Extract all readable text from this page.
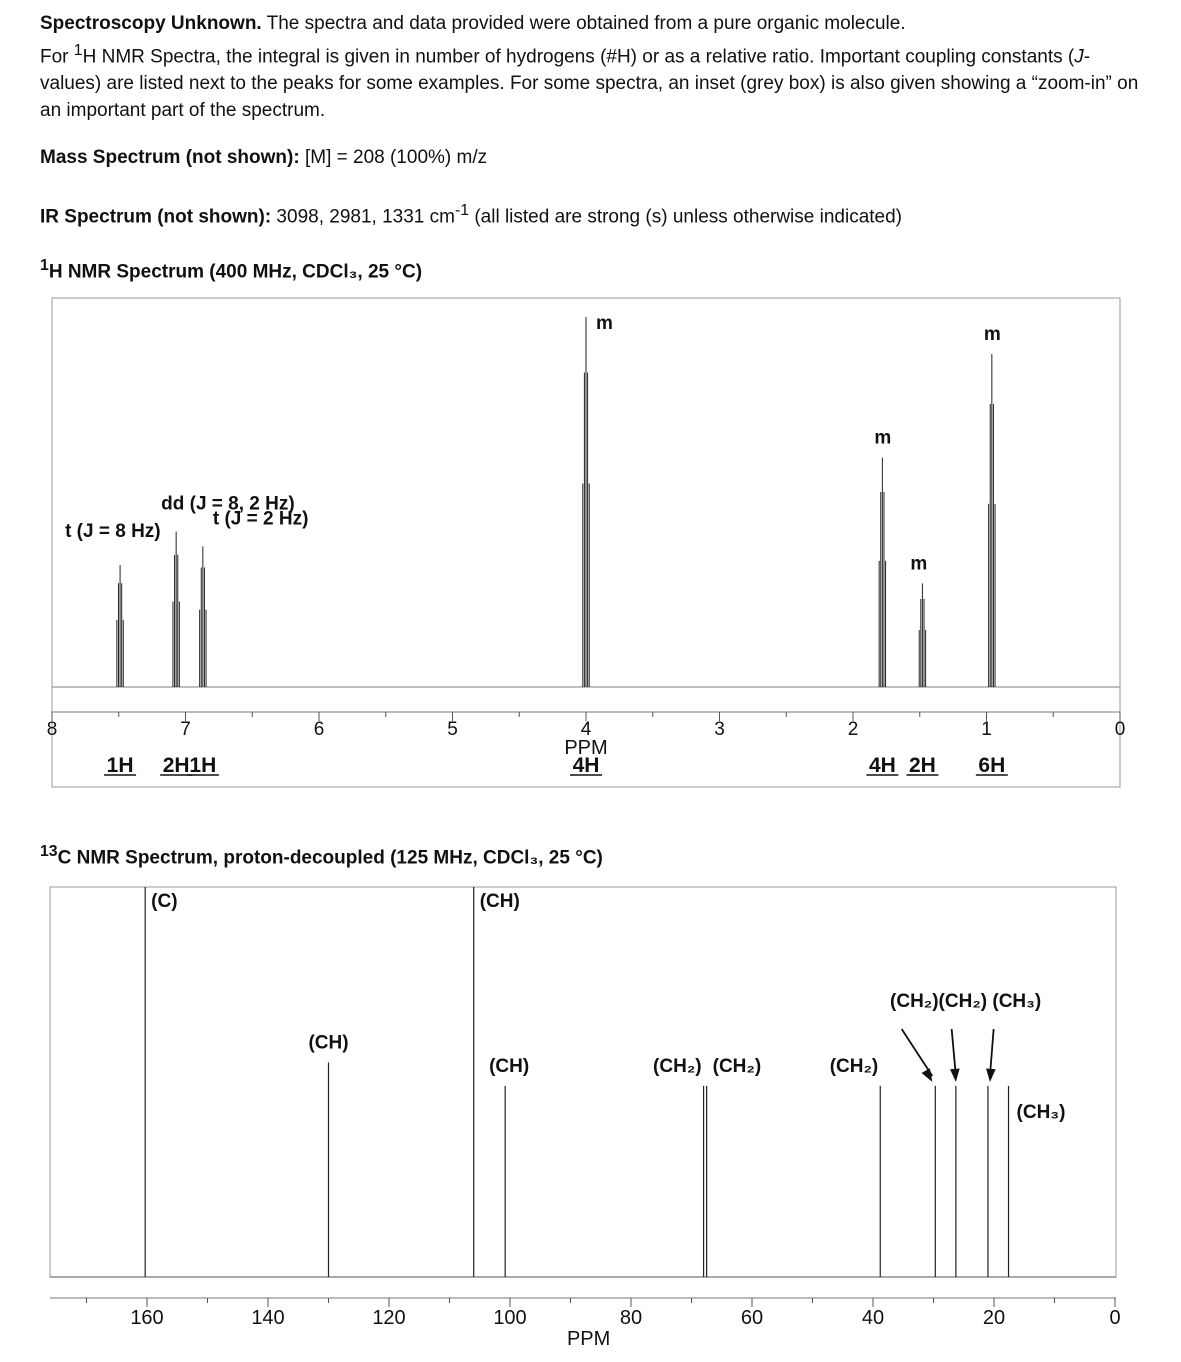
Spectroscopy Unknown. The spectra and data provided were obtained from a pure organic molecule.

For $^1$H NMR Spectra, the integral is given in number of hydrogens (#H) or as a relative ratio. Important coupling constants (J-values) are listed next to the peaks for some examples. For some spectra, an inset (grey box) is also given showing a “zoom-in” on an important part of the spectrum.

Mass Spectrum (not shown): [M] = 208 (100%) m/z
IR Spectrum (not shown): 3098, 2981, 1331 $cm^{-1}$ (all listed are strong (s) unless otherwise indicated)
$^1$H NMR Spectrum (400 MHz, CDCl₃, 25 °C)
8	7	6	5	4	3	2	1	0
PPM
t (J = 8 Hz)
1H
dd (J = 8, 2 Hz)
2H
t (J = 2 Hz)
1H
m
4H
m
4H
m
2H
m
6H
$^{13}$C NMR Spectrum, proton-decoupled (125 MHz, CDCl₃, 25 °C)
160	140	120	100	80	60	40	20	0
PPM
(C)
(CH)
(CH)
(CH)	(CH₂) (CH₂)	(CH₂)
(CH₃)
(CH₂)(CH₂) (CH₃)
